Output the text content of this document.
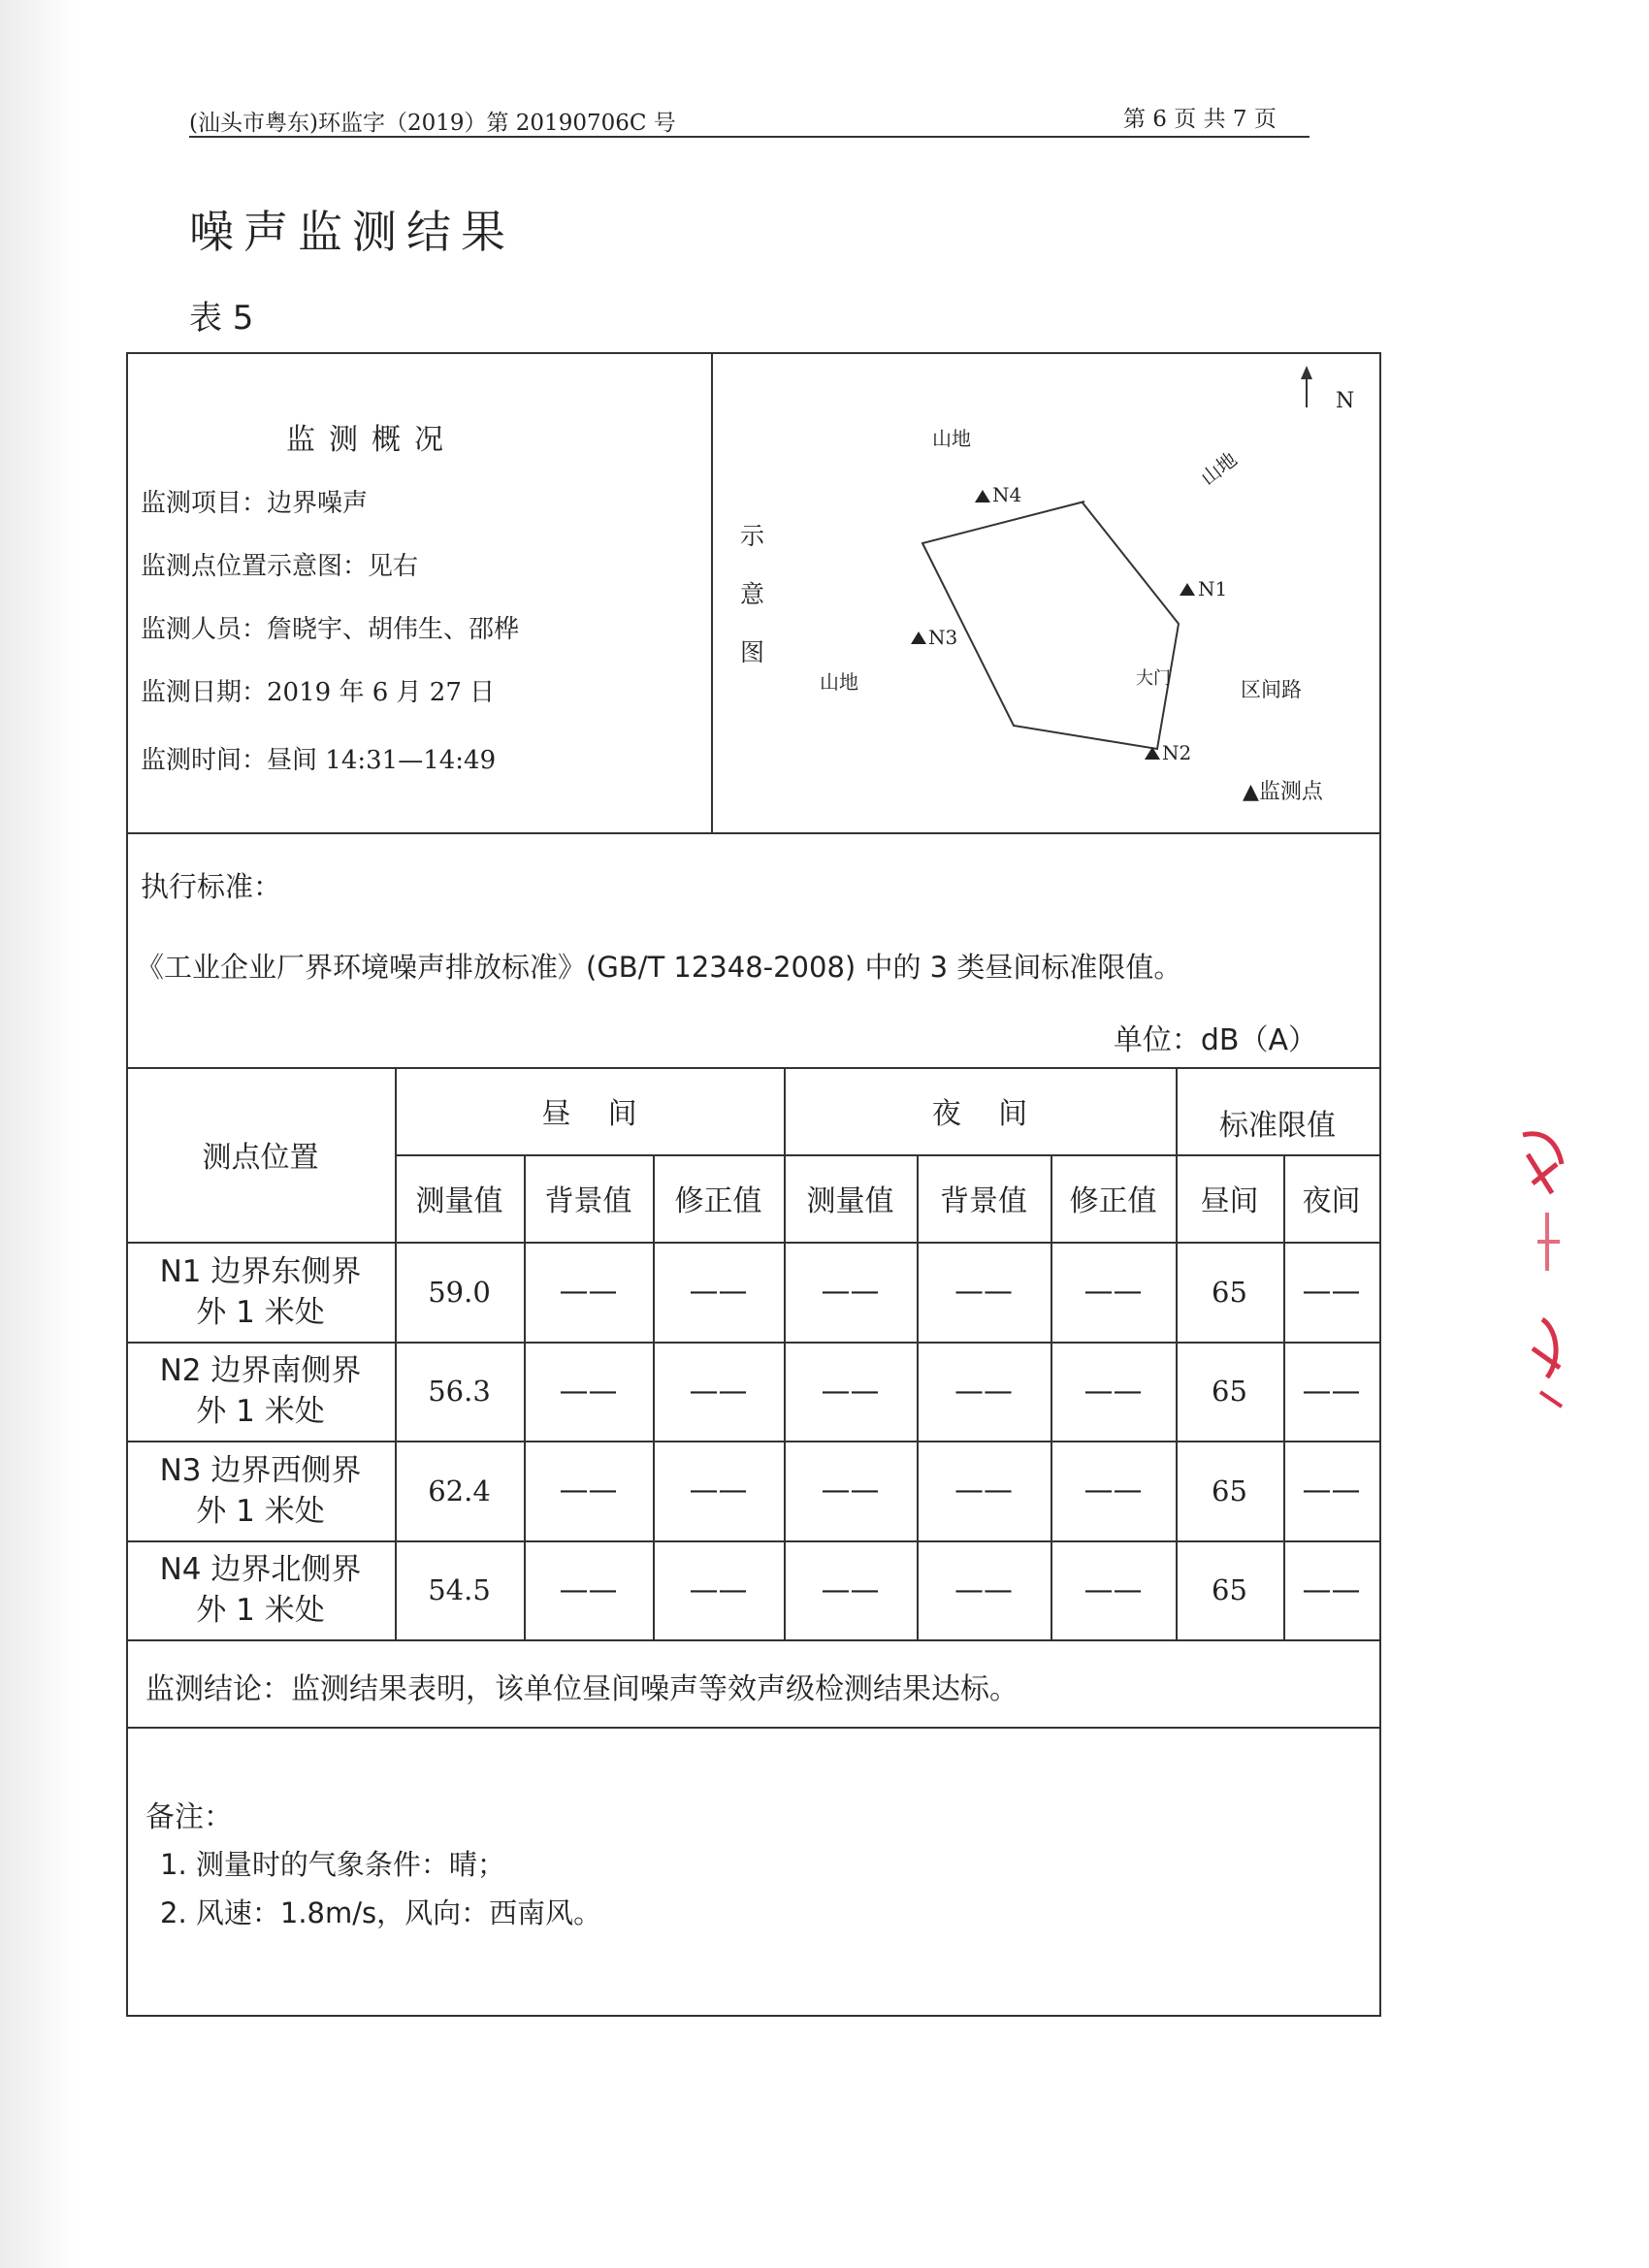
(汕头市粤东)环监字（2019）第 20190706C 号	第 6 页 共 7 页
噪声监测结果
表 5
监测概况
监测项目：边界噪声
监测点位置示意图：见右
监测人员：詹晓宇、胡伟生、邵桦
监测日期：2019 年 6 月 27 日
监测时间：昼间 14:31—14:49
N
示
意
图
山地
山地
山地	大门	区间路
▲监测点
N4
N1
N3
N2
执行标准：
《工业企业厂界环境噪声排放标准》(GB/T 12348-2008) 中的 3 类昼间标准限值。
单位：dB（A）
测点位置
昼    间	夜    间	标准限值
测量值	背景值	修正值	测量值	背景值	修正值	昼间	夜间
N1 边界东侧界
外 1 米处
59.0	——	——	——	——	——	65	——
N2 边界南侧界
外 1 米处
56.3	——	——	——	——	——	65	——
N3 边界西侧界
外 1 米处
62.4	——	——	——	——	——	65	——
N4 边界北侧界
外 1 米处
54.5	——	——	——	——	——	65	——
监测结论：监测结果表明，该单位昼间噪声等效声级检测结果达标。
备注：
1. 测量时的气象条件：晴；
2. 风速：1.8m/s，风向：西南风。
